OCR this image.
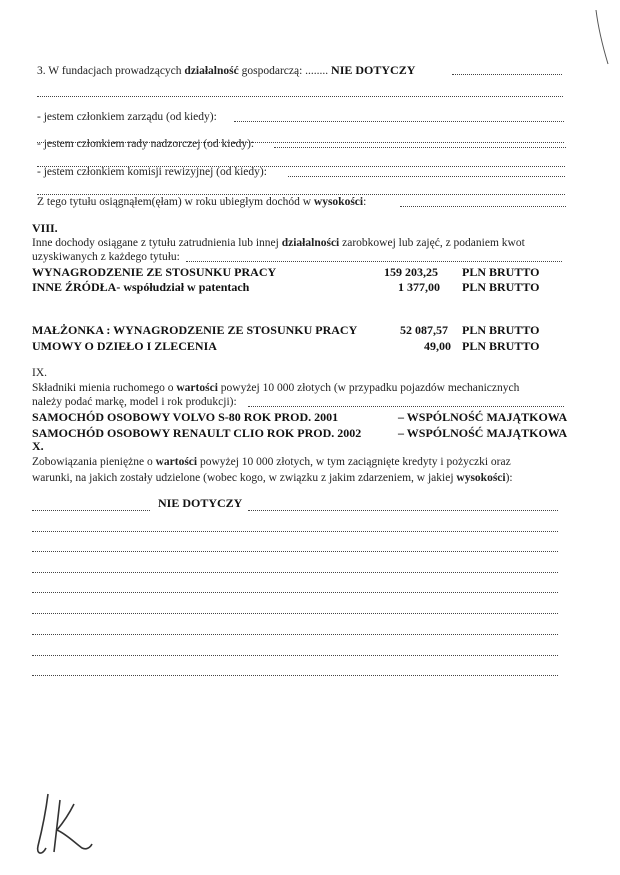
3. W fundacjach prowadzących działalność gospodarczą: ........ NIE DOTYCZY
- jestem członkiem zarządu (od kiedy):
- jestem członkiem rady nadzorczej (od kiedy):
- jestem członkiem komisji rewizyjnej (od kiedy):
Z tego tytułu osiągnąłem(ęłam) w roku ubiegłym dochód w wysokości:
VIII.
Inne dochody osiągane z tytułu zatrudnienia lub innej działalności zarobkowej lub zajęć, z podaniem kwot
uzyskiwanych z każdego tytułu:
WYNAGRODZENIE ZE STOSUNKU PRACY	159 203,25 PLN BRUTTO
INNE ŹRÓDŁA- współudział w patentach	1 377,00 PLN BRUTTO
MAŁŻONKA : WYNAGRODZENIE ZE STOSUNKU PRACY	52 087,57 PLN BRUTTO
UMOWY O DZIEŁO I ZLECENIA	49,00 PLN BRUTTO
IX.
Składniki mienia ruchomego o wartości powyżej 10 000 złotych (w przypadku pojazdów mechanicznych
należy podać markę, model i rok produkcji):
SAMOCHÓD OSOBOWY VOLVO S-80 ROK PROD. 2001	– WSPÓLNOŚĆ MAJĄTKOWA
SAMOCHÓD OSOBOWY RENAULT CLIO ROK PROD. 2002	– WSPÓLNOŚĆ MAJĄTKOWA
X.
Zobowiązania pieniężne o wartości powyżej 10 000 złotych, w tym zaciągnięte kredyty i pożyczki oraz
warunki, na jakich zostały udzielone (wobec kogo, w związku z jakim zdarzeniem, w jakiej wysokości):
NIE DOTYCZY
